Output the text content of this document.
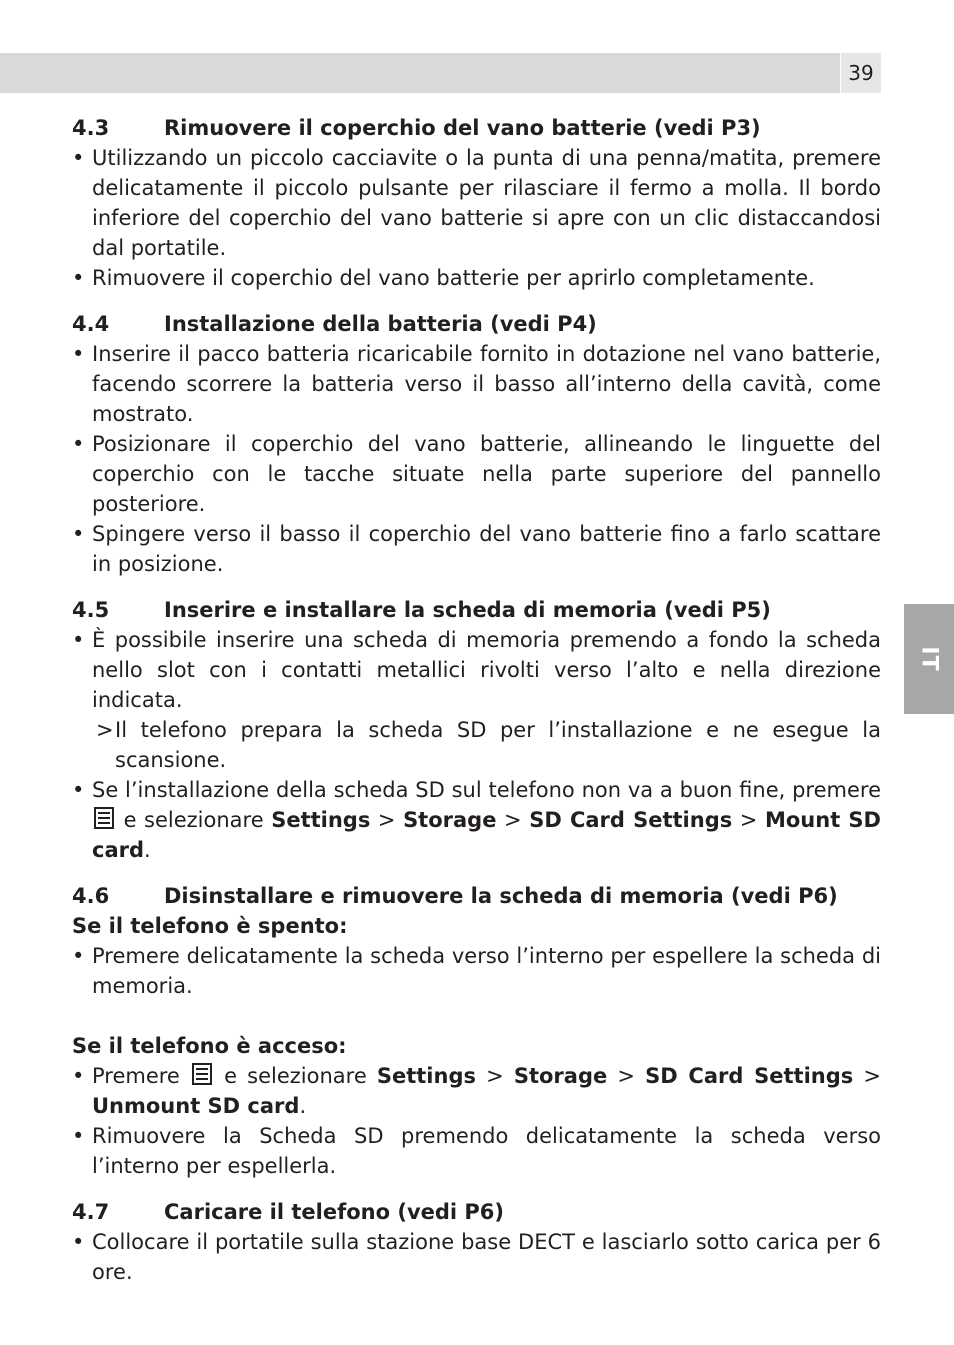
39
IT
4.3	Rimuovere il coperchio del vano batterie (vedi P3)
• Utilizzando un piccolo cacciavite o la punta di una penna/matita, premere delicatamente il piccolo pulsante per rilasciare il fermo a molla. Il bordo inferiore del coperchio del vano batterie si apre con un clic distaccandosi dal portatile.
• Rimuovere il coperchio del vano batterie per aprirlo completamente.
4.4	Installazione della batteria (vedi P4)
• Inserire il pacco batteria ricaricabile fornito in dotazione nel vano batterie, facendo scorrere la batteria verso il basso all’interno della cavità, come mostrato.
• Posizionare il coperchio del vano batterie, allineando le linguette del coperchio con le tacche situate nella parte superiore del pannello posteriore.
• Spingere verso il basso il coperchio del vano batterie fino a farlo scattare in posizione.
4.5	Inserire e installare la scheda di memoria (vedi P5)
• È possibile inserire una scheda di memoria premendo a fondo la scheda nello slot con i contatti metallici rivolti verso l’alto e nella direzione indicata.
> Il telefono prepara la scheda SD per l’installazione e ne esegue la scansione.
• Se l’installazione della scheda SD sul telefono non va a buon fine, premere  e selezionare Settings > Storage > SD Card Settings > Mount SD card.
4.6	Disinstallare e rimuovere la scheda di memoria (vedi P6)
Se il telefono è spento:
• Premere delicatamente la scheda verso l’interno per espellere la scheda di memoria.
Se il telefono è acceso:
• Premere e selezionare Settings > Storage > SD Card Settings > Unmount SD card.
• Rimuovere la Scheda SD premendo delicatamente la scheda verso l’interno per espellerla.
4.7	Caricare il telefono (vedi P6)
• Collocare il portatile sulla stazione base DECT e lasciarlo sotto carica per 6 ore.
